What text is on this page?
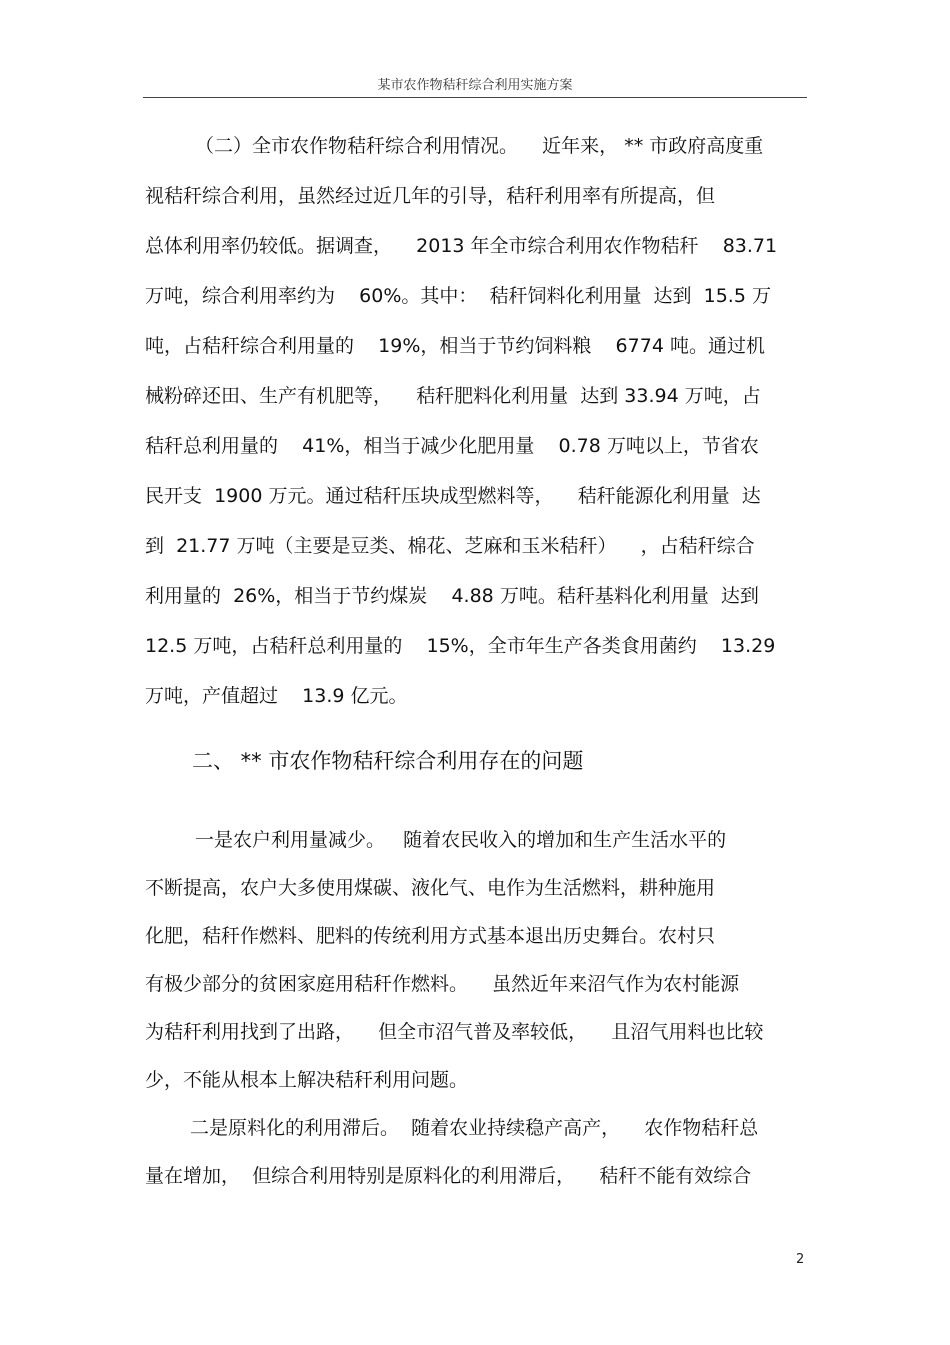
某市农作物秸秆综合利用实施方案
（二）全市农作物秸秆综合利用情况。    近年来， ** 市政府高度重
视秸秆综合利用，虽然经过近几年的引导，秸秆利用率有所提高，但
总体利用率仍较低。据调查，    2013 年全市综合利用农作物秸秆    83.71
万吨，综合利用率约为    60%。其中：  秸秆饲料化利用量  达到  15.5 万
吨，占秸秆综合利用量的    19%，相当于节约饲料粮    6774 吨。通过机
械粉碎还田、生产有机肥等，    秸秆肥料化利用量  达到 33.94 万吨，占
秸秆总利用量的    41%，相当于减少化肥用量    0.78 万吨以上，节省农
民开支  1900 万元。通过秸秆压块成型燃料等，    秸秆能源化利用量  达
到  21.77 万吨（主要是豆类、棉花、芝麻和玉米秸秆）    ，占秸秆综合
利用量的  26%，相当于节约煤炭    4.88 万吨。秸秆基料化利用量  达到
12.5 万吨，占秸秆总利用量的    15%，全市年生产各类食用菌约    13.29
万吨，产值超过    13.9 亿元。
二、 ** 市农作物秸秆综合利用存在的问题
一是农户利用量减少。   随着农民收入的增加和生产生活水平的
不断提高，农户大多使用煤碳、液化气、电作为生活燃料，耕种施用
化肥，秸秆作燃料、肥料的传统利用方式基本退出历史舞台。农村只
有极少部分的贫困家庭用秸秆作燃料。    虽然近年来沼气作为农村能源
为秸秆利用找到了出路，    但全市沼气普及率较低，    且沼气用料也比较
少，不能从根本上解决秸秆利用问题。
二是原料化的利用滞后。  随着农业持续稳产高产，    农作物秸秆总
量在增加，  但综合利用特别是原料化的利用滞后，    秸秆不能有效综合
2
